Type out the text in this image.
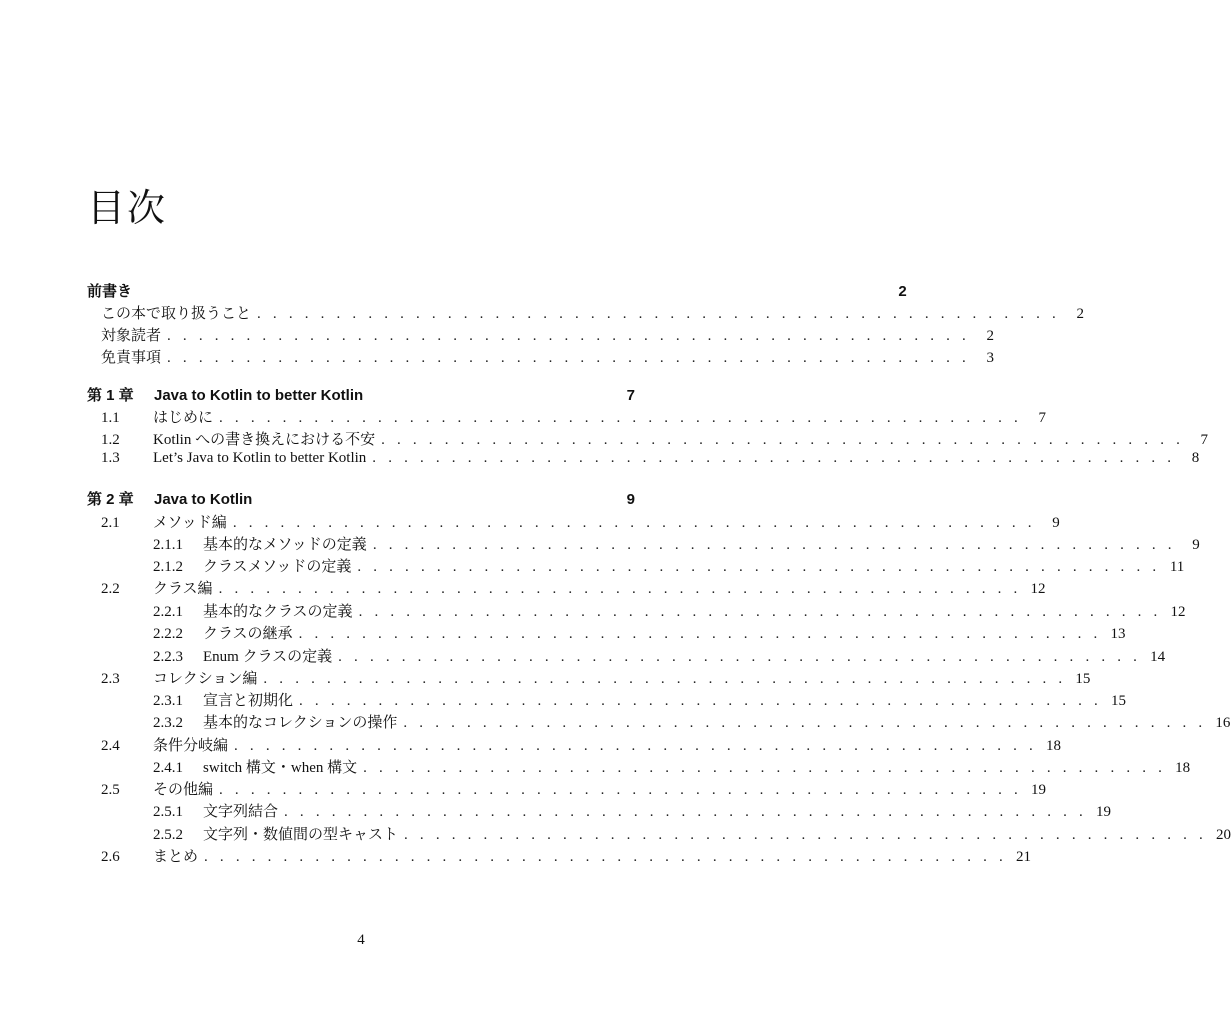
目次
前書き	2
この本で取り扱うこと . . . . . . . . . . . . . . . . . . . . . . . . . . . . . . . . . . . . . . . . . . . . . . . . . . .	2
対象読者 . . . . . . . . . . . . . . . . . . . . . . . . . . . . . . . . . . . . . . . . . . . . . . . . . . .	2
免責事項 . . . . . . . . . . . . . . . . . . . . . . . . . . . . . . . . . . . . . . . . . . . . . . . . . . .	3
第 1 章	Java to Kotlin to better Kotlin	7
1.1	はじめに . . . . . . . . . . . . . . . . . . . . . . . . . . . . . . . . . . . . . . . . . . . . . . . . . . .	7
1.2	Kotlin への書き換えにおける不安 . . . . . . . . . . . . . . . . . . . . . . . . . . . . . . . . . . . . . . . . . . . . . . . . . . .	7
1.3	Let’s Java to Kotlin to better Kotlin . . . . . . . . . . . . . . . . . . . . . . . . . . . . . . . . . . . . . . . . . . . . . . . . . . .	8
第 2 章	Java to Kotlin	9
2.1	メソッド編 . . . . . . . . . . . . . . . . . . . . . . . . . . . . . . . . . . . . . . . . . . . . . . . . . . .	9
2.1.1	基本的なメソッドの定義 . . . . . . . . . . . . . . . . . . . . . . . . . . . . . . . . . . . . . . . . . . . . . . . . . . .	9
2.1.2	クラスメソッドの定義 . . . . . . . . . . . . . . . . . . . . . . . . . . . . . . . . . . . . . . . . . . . . . . . . . . . 11
2.2	クラス編 . . . . . . . . . . . . . . . . . . . . . . . . . . . . . . . . . . . . . . . . . . . . . . . . . . . 12
2.2.1	基本的なクラスの定義 . . . . . . . . . . . . . . . . . . . . . . . . . . . . . . . . . . . . . . . . . . . . . . . . . . . 12
2.2.2	クラスの継承 . . . . . . . . . . . . . . . . . . . . . . . . . . . . . . . . . . . . . . . . . . . . . . . . . . . 13
2.2.3	Enum クラスの定義 . . . . . . . . . . . . . . . . . . . . . . . . . . . . . . . . . . . . . . . . . . . . . . . . . . . 14
2.3	コレクション編 . . . . . . . . . . . . . . . . . . . . . . . . . . . . . . . . . . . . . . . . . . . . . . . . . . . 15
2.3.1	宣言と初期化 . . . . . . . . . . . . . . . . . . . . . . . . . . . . . . . . . . . . . . . . . . . . . . . . . . . 15
2.3.2	基本的なコレクションの操作 . . . . . . . . . . . . . . . . . . . . . . . . . . . . . . . . . . . . . . . . . . . . . . . . . . . 16
2.4	条件分岐編 . . . . . . . . . . . . . . . . . . . . . . . . . . . . . . . . . . . . . . . . . . . . . . . . . . . 18
2.4.1	switch 構文・when 構文 . . . . . . . . . . . . . . . . . . . . . . . . . . . . . . . . . . . . . . . . . . . . . . . . . . . 18
2.5	その他編 . . . . . . . . . . . . . . . . . . . . . . . . . . . . . . . . . . . . . . . . . . . . . . . . . . . 19
2.5.1	文字列結合 . . . . . . . . . . . . . . . . . . . . . . . . . . . . . . . . . . . . . . . . . . . . . . . . . . . 19
2.5.2	文字列・数値間の型キャスト . . . . . . . . . . . . . . . . . . . . . . . . . . . . . . . . . . . . . . . . . . . . . . . . . . . 20
2.6	まとめ . . . . . . . . . . . . . . . . . . . . . . . . . . . . . . . . . . . . . . . . . . . . . . . . . . . 21
4
